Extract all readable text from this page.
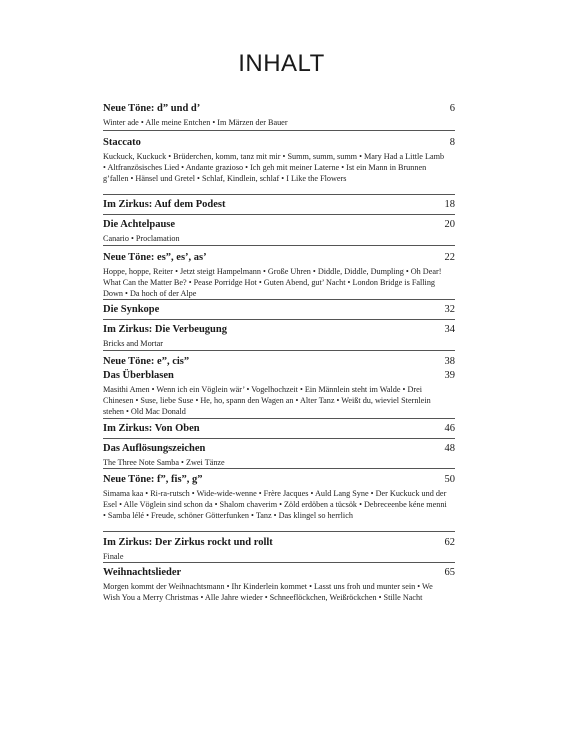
INHALT
Neue Töne: d” und d’	6
Winter ade • Alle meine Entchen • Im Märzen der Bauer
Staccato	8
Kuckuck, Kuckuck • Brüderchen, komm, tanz mit mir • Summ, summ, summ • Mary Had a Little Lamb • Altfranzösisches Lied • Andante grazioso • Ich geh mit meiner Laterne • Ist ein Mann in Brunnen g’fallen • Hänsel und Gretel • Schlaf, Kindlein, schlaf • I Like the Flowers
Im Zirkus: Auf dem Podest	18
Die Achtelpause	20
Canario • Proclamation
Neue Töne: es”, es’, as’	22
Hoppe, hoppe, Reiter • Jetzt steigt Hampelmann • Große Uhren • Diddle, Diddle, Dumpling • Oh Dear! What Can the Matter Be? • Pease Porridge Hot • Guten Abend, gut’ Nacht • London Bridge is Falling Down • Da hoch of der Alpe
Die Synkope	32
Im Zirkus: Die Verbeugung	34
Bricks and Mortar
Neue Töne: e”, cis”	38
Das Überblasen	39
Masithi Amen • Wenn ich ein Vöglein wär’ • Vogelhochzeit • Ein Männlein steht im Walde • Drei Chinesen • Suse, liebe Suse • He, ho, spann den Wagen an • Alter Tanz • Weißt du, wieviel Sternlein stehen • Old Mac Donald
Im Zirkus: Von Oben	46
Das Auflösungszeichen	48
The Three Note Samba • Zwei Tänze
Neue Töne: f”, fis”, g”	50
Simama kaa • Ri-ra-rutsch • Wide-wide-wenne • Frère Jacques • Auld Lang Syne • Der Kuckuck und der Esel • Alle Vöglein sind schon da • Shalom chaverim • Zöld erdöben a tücsök • Debreceenbe kéne menni • Samba lélé • Freude, schöner Götterfunken • Tanz • Das klingel so herrlich
Im Zirkus: Der Zirkus rockt und rollt	62
Finale
Weihnachtslieder	65
Morgen kommt der Weihnachtsmann • Ihr Kinderlein kommet • Lasst uns froh und munter sein • We Wish You a Merry Christmas • Alle Jahre wieder • Schneeflöckchen, Weißröckchen • Stille Nacht
